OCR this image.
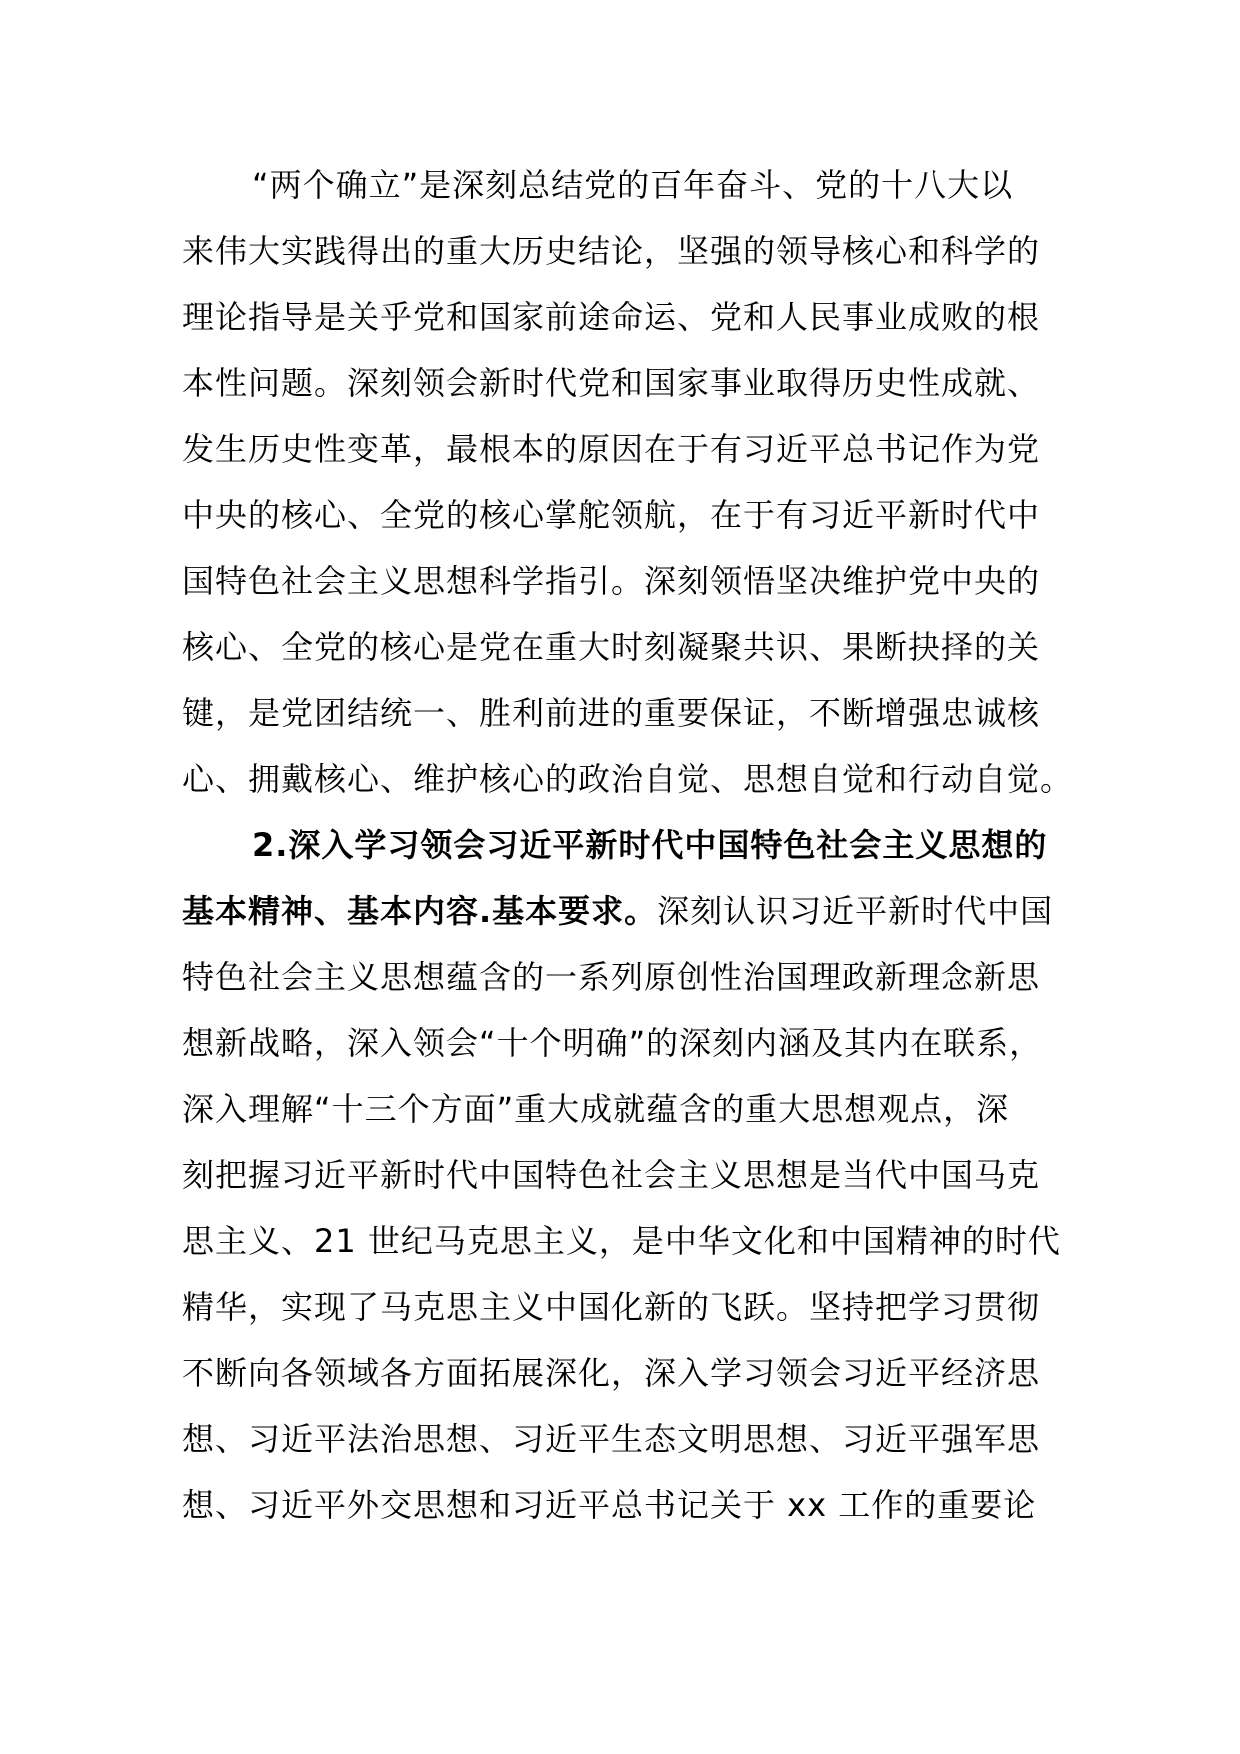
“两个确立”是深刻总结党的百年奋斗、党的十八大以
来伟大实践得出的重大历史结论，坚强的领导核心和科学的
理论指导是关乎党和国家前途命运、党和人民事业成败的根
本性问题。深刻领会新时代党和国家事业取得历史性成就、
发生历史性变革，最根本的原因在于有习近平总书记作为党
中央的核心、全党的核心掌舵领航，在于有习近平新时代中
国特色社会主义思想科学指引。深刻领悟坚决维护党中央的
核心、全党的核心是党在重大时刻凝聚共识、果断抉择的关
键，是党团结统一、胜利前进的重要保证，不断增强忠诚核
心、拥戴核心、维护核心的政治自觉、思想自觉和行动自觉。
2.深入学习领会习近平新时代中国特色社会主义思想的
基本精神、基本内容.基本要求。深刻认识习近平新时代中国
特色社会主义思想蕴含的一系列原创性治国理政新理念新思
想新战略，深入领会“十个明确”的深刻内涵及其内在联系，
深入理解“十三个方面”重大成就蕴含的重大思想观点，深
刻把握习近平新时代中国特色社会主义思想是当代中国马克
思主义、21 世纪马克思主义，是中华文化和中国精神的时代
精华，实现了马克思主义中国化新的飞跃。坚持把学习贯彻
不断向各领域各方面拓展深化，深入学习领会习近平经济思
想、习近平法治思想、习近平生态文明思想、习近平强军思
想、习近平外交思想和习近平总书记关于 xx 工作的重要论
